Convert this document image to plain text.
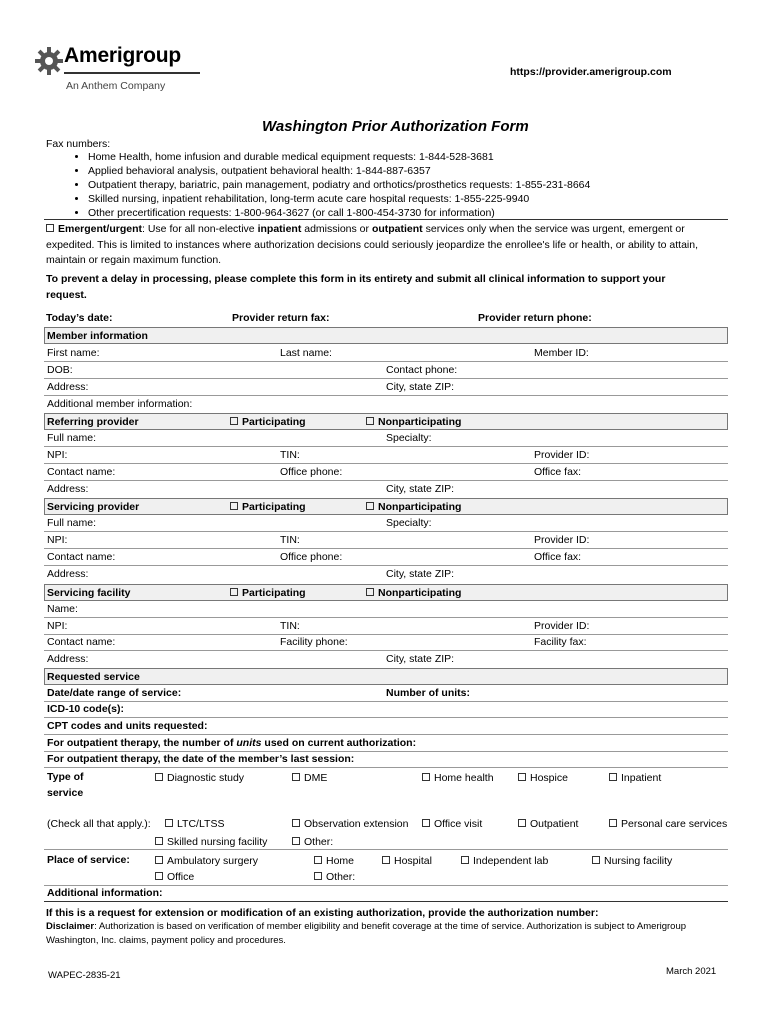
Amerigroup
An Anthem Company
https://provider.amerigroup.com
Washington Prior Authorization Form
Fax numbers:
• Home Health, home infusion and durable medical equipment requests: 1-844-528-3681
• Applied behavioral analysis, outpatient behavioral health: 1-844-887-6357
• Outpatient therapy, bariatric, pain management, podiatry and orthotics/prosthetics requests: 1-855-231-8664
• Skilled nursing, inpatient rehabilitation, long-term acute care hospital requests: 1-855-225-9940
• Other precertification requests: 1-800-964-3627 (or call 1-800-454-3730 for information)
Emergent/urgent: Use for all non-elective inpatient admissions or outpatient services only when the service was urgent, emergent or expedited. This is limited to instances where authorization decisions could seriously jeopardize the enrollee's life or health, or ability to attain, maintain or regain maximum function.
To prevent a delay in processing, please complete this form in its entirety and submit all clinical information to support your request.
Today’s date:	Provider return fax:	Provider return phone:
Member information
First name:	Last name:	Member ID:
DOB:	Contact phone:
Address:	City, state ZIP:
Additional member information:
Referring provider	Participating	Nonparticipating
Full name:	Specialty:
NPI:	TIN:	Provider ID:
Contact name:	Office phone:	Office fax:
Address:	City, state ZIP:
Servicing provider	Participating	Nonparticipating
Full name:	Specialty:
NPI:	TIN:	Provider ID:
Contact name:	Office phone:	Office fax:
Address:	City, state ZIP:
Servicing facility	Participating	Nonparticipating
Name:
NPI:	TIN:	Provider ID:
Contact name:	Facility phone:	Facility fax:
Address:	City, state ZIP:
Requested service
Date/date range of service:	Number of units:
ICD-10 code(s):
CPT codes and units requested:
For outpatient therapy, the number of units used on current authorization:
For outpatient therapy, the date of the member’s last session:
Type of
service
(Check all that apply.):
Diagnostic study	DME	Home health	Hospice	Inpatient
LTC/LTSS	Observation extension	Office visit	Outpatient	Personal care services
Skilled nursing facility	Other:
Place of service:	Ambulatory surgery	Home	Hospital	Independent lab	Nursing facility
Office	Other:
Additional information:
If this is a request for extension or modification of an existing authorization, provide the authorization number:
Disclaimer: Authorization is based on verification of member eligibility and benefit coverage at the time of service. Authorization is subject to Amerigroup Washington, Inc. claims, payment policy and procedures.
WAPEC-2835-21	March 2021
